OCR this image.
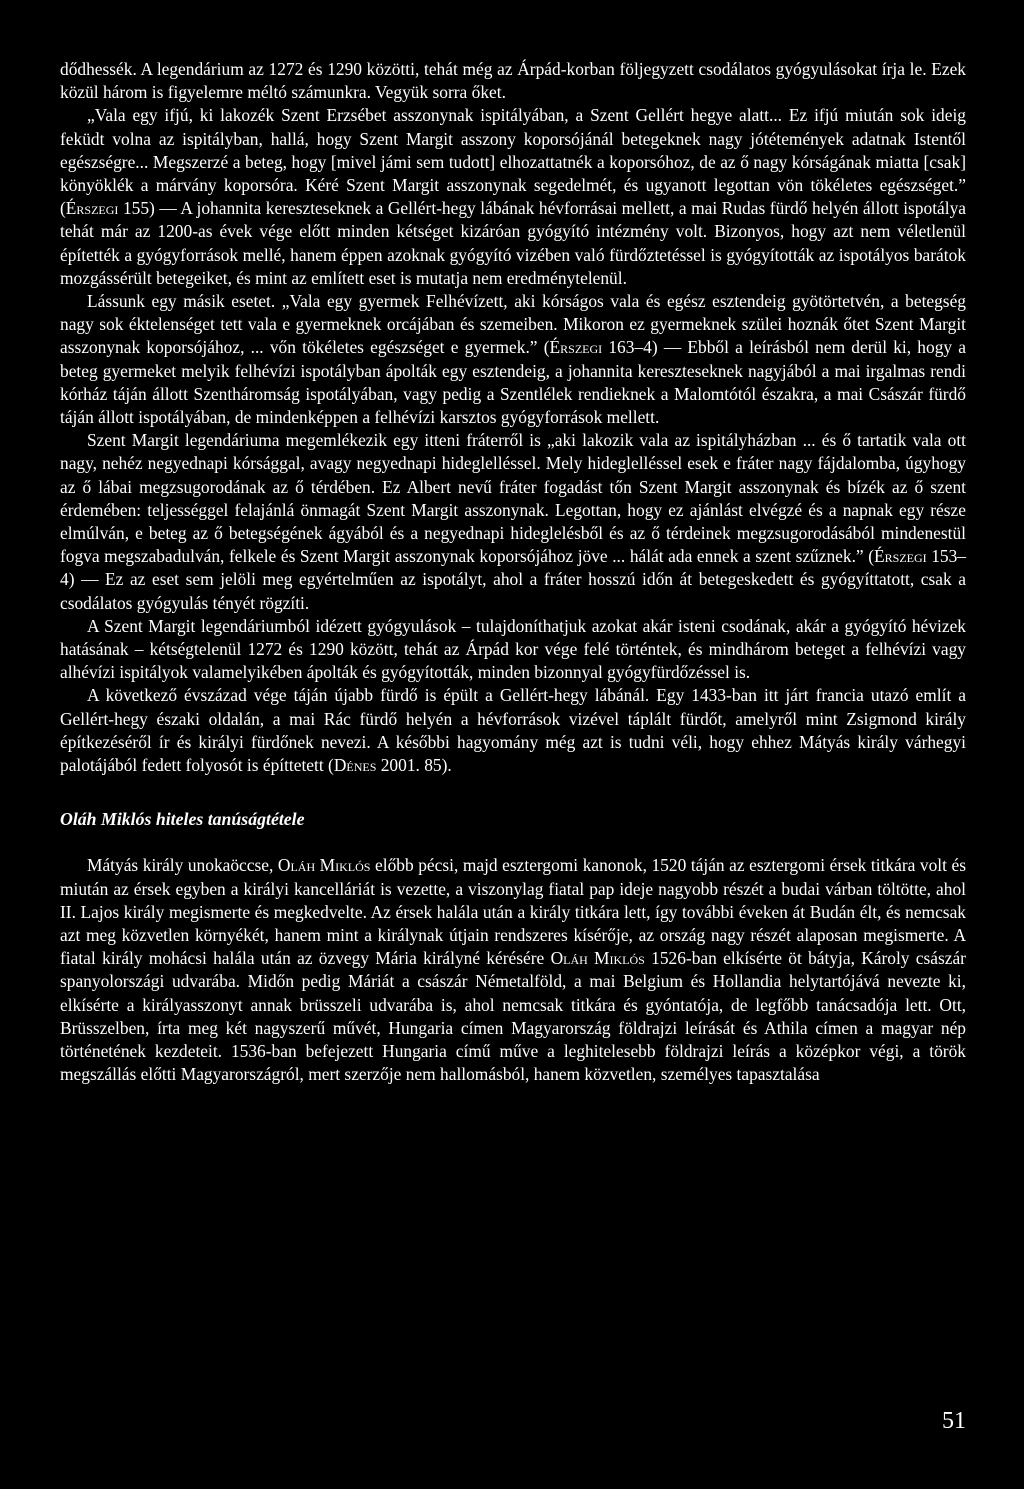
dődhessék. A legendárium az 1272 és 1290 közötti, tehát még az Árpád-korban följegyzett csodálatos gyógyulásokat írja le. Ezek közül három is figyelemre méltó számunkra. Vegyük sorra őket.

„Vala egy ifjú, ki lakozék Szent Erzsébet asszonynak ispitályában, a Szent Gellért hegye alatt... Ez ifjú miután sok ideig feküdt volna az ispitályban, hallá, hogy Szent Margit asszony koporsójánál betegeknek nagy jótétemények adatnak Istentől egészségre... Megszerzé a beteg, hogy [mivel jámi sem tudott] elhozattatnék a koporsóhoz, de az ő nagy kórságának miatta [csak] könyöklék a márvány koporsóra. Kéré Szent Margit asszonynak segedelmét, és ugyanott legottan vön tökéletes egészséget.” (Érszegi 155) — A johannita kereszteseknek a Gellért-hegy lábának hévforrásai mellett, a mai Rudas fürdő helyén állott ispotálya tehát már az 1200-as évek vége előtt minden kétséget kizáróan gyógyító intézmény volt. Bizonyos, hogy azt nem véletlenül építették a gyógyforrások mellé, hanem éppen azoknak gyógyító vizében való fürdőztetéssel is gyógyították az ispotályos barátok mozgássérült betegeiket, és mint az említett eset is mutatja nem eredménytelenül.

Lássunk egy másik esetet. „Vala egy gyermek Felhévízett, aki kórságos vala és egész esztendeig gyötörtetvén, a betegség nagy sok éktelenséget tett vala e gyermeknek orcájában és szemeiben. Mikoron ez gyermeknek szülei hoznák őtet Szent Margit asszonynak koporsójához, ... vőn tökéletes egészséget e gyermek.” (Érszegi 163–4) — Ebből a leírásból nem derül ki, hogy a beteg gyermeket melyik felhévízi ispotályban ápolták egy esztendeig, a johannita kereszteseknek nagyjából a mai irgalmas rendi kórház táján állott Szentháromság ispotályában, vagy pedig a Szentlélek rendieknek a Malomtótól északra, a mai Császár fürdő táján állott ispotályában, de mindenképpen a felhévízi karsztos gyógyforrások mellett.

Szent Margit legendáriuma megemlékezik egy itteni fráterről is „aki lakozik vala az ispitályházban ... és ő tartatik vala ott nagy, nehéz negyednapi kórsággal, avagy negyednapi hideglelléssel. Mely hideglelléssel esek e fráter nagy fájdalomba, úgyhogy az ő lábai megzsugorodának az ő térdében. Ez Albert nevű fráter fogadást tőn Szent Margit asszonynak és bízék az ő szent érdemében: teljességgel felajánlá önmagát Szent Margit asszonynak. Legottan, hogy ez ajánlást elvégzé és a napnak egy része elmúlván, e beteg az ő betegségének ágyából és a negyednapi hideglelésből és az ő térdeinek megzsugorodásából mindenestül fogva megszabadulván, felkele és Szent Margit asszonynak koporsójához jöve ... hálát ada ennek a szent szűznek.” (Érszegi 153–4) — Ez az eset sem jelöli meg egyértelműen az ispotályt, ahol a fráter hosszú időn át betegeskedett és gyógyíttatott, csak a csodálatos gyógyulás tényét rögzíti.

A Szent Margit legendáriumból idézett gyógyulások – tulajdoníthatjuk azokat akár isteni csodának, akár a gyógyító hévizek hatásának – kétségtelenül 1272 és 1290 között, tehát az Árpád kor vége felé történtek, és mindhárom beteget a felhévízi vagy alhévízi ispitályok valamelyikében ápolták és gyógyították, minden bizonnyal gyógyfürdőzéssel is.

A következő évszázad vége táján újabb fürdő is épült a Gellért-hegy lábánál. Egy 1433-ban itt járt francia utazó említ a Gellért-hegy északi oldalán, a mai Rác fürdő helyén a hévforrások vizével táplált fürdőt, amelyről mint Zsigmond király építkezéséről ír és királyi fürdőnek nevezi. A későbbi hagyomány még azt is tudni véli, hogy ehhez Mátyás király várhegyi palotájából fedett folyosót is építtetett (Dénes 2001. 85).

Oláh Miklós hiteles tanúságtétele

Mátyás király unokaöccse, Oláh Miklós előbb pécsi, majd esztergomi kanonok, 1520 táján az esztergomi érsek titkára volt és miután az érsek egyben a királyi kancelláriát is vezette, a viszonylag fiatal pap ideje nagyobb részét a budai várban töltötte, ahol II. Lajos király megismerte és megkedvelte. Az érsek halála után a király titkára lett, így további éveken át Budán élt, és nemcsak azt meg közvetlen környékét, hanem mint a királynak útjain rendszeres kísérője, az ország nagy részét alaposan megismerte. A fiatal király mohácsi halála után az özvegy Mária királyné kérésére Oláh Miklós 1526-ban elkísérte öt bátyja, Károly császár spanyolországi udvarába. Midőn pedig Máriát a császár Németalföld, a mai Belgium és Hollandia helytartójává nevezte ki, elkísérte a királyasszonyt annak brüsszeli udvarába is, ahol nemcsak titkára és gyóntatója, de legfőbb tanácsadója lett. Ott, Brüsszelben, írta meg két nagyszerű művét, Hungaria címen Magyarország földrajzi leírását és Athila címen a magyar nép történetének kezdeteit. 1536-ban befejezett Hungaria című műve a leghitelesebb földrajzi leírás a középkor végi, a török megszállás előtti Magyarországról, mert szerzője nem hallomásból, hanem közvetlen, személyes tapasztalása

51
